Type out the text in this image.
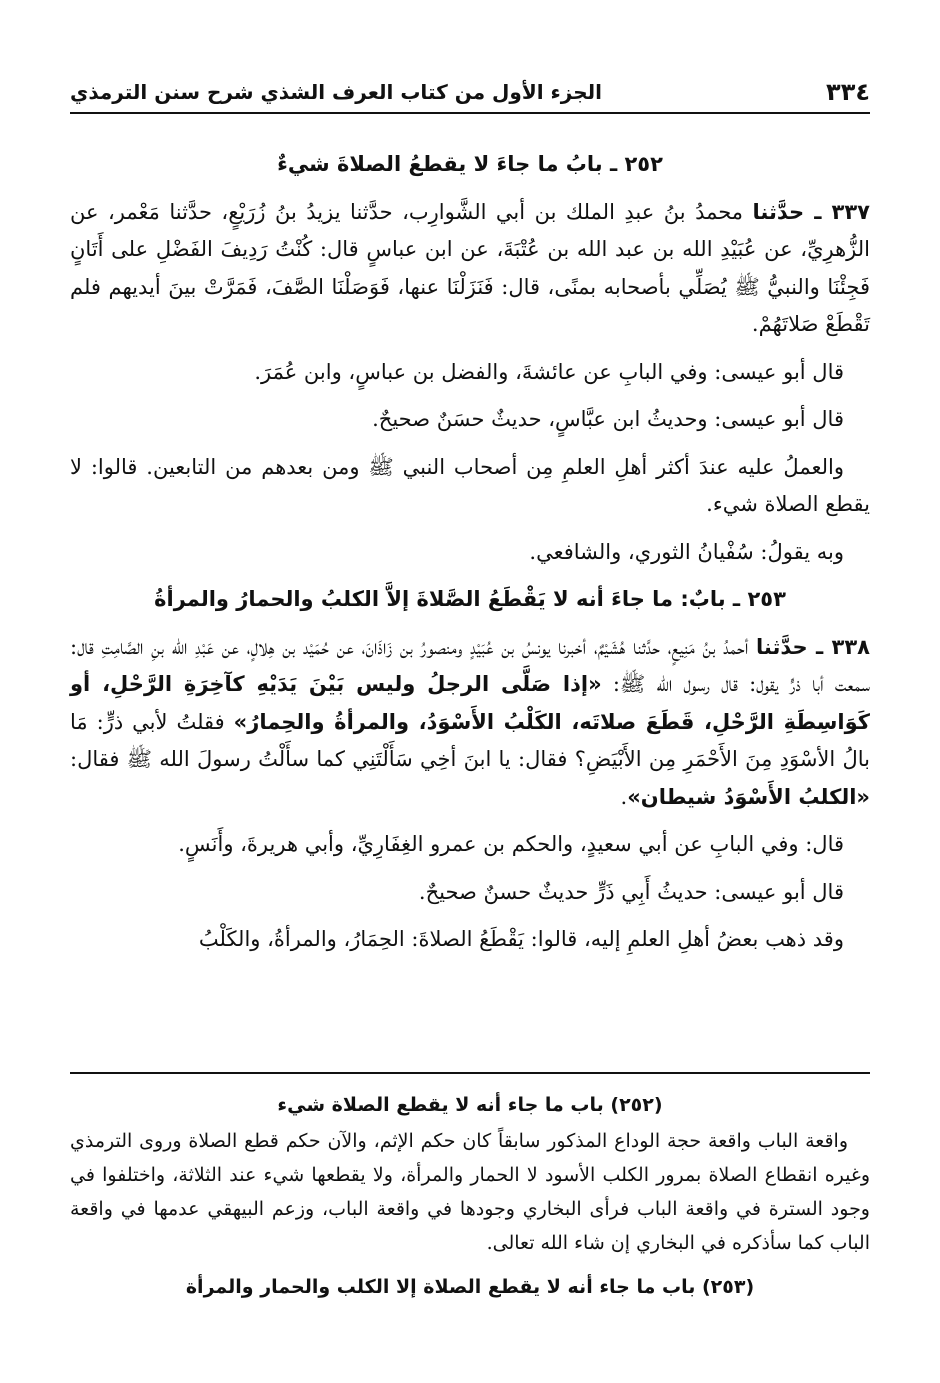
٣٣٤
الجزء الأول من كتاب العرف الشذي شرح سنن الترمذي
٢٥٢ ـ بابُ ما جاءَ لا يقطعُ الصلاةَ شيءٌ

٣٣٧ ـ حدَّثنا محمدُ بنُ عبدِ الملك بن أبي الشَّوارِب، حدَّثنا يزيدُ بنُ زُرَيْعٍ، حدَّثنا مَعْمر، عن الزُّهرِيِّ، عن عُبَيْدِ الله بن عبد الله بن عُتْبَةَ، عن ابن عباسٍ قال: كُنْتُ رَدِيفَ الفَضْلِ على أَتَانٍ فَجِئْنَا والنبيُّ ﷺ يُصَلِّي بأصحابه بمنًى، قال: فَنَزَلْنَا عنها، فَوَصَلْنَا الصَّفَ، فَمَرَّتْ بينَ أيديهم فلم تَقْطَعْ صَلاتَهُمْ.

قال أبو عيسى: وفي البابِ عن عائشةَ، والفضل بن عباسٍ، وابن عُمَرَ.

قال أبو عيسى: وحديثُ ابن عبَّاسٍ، حديثٌ حسَنٌ صحيحٌ.

والعملُ عليه عندَ أكثر أهلِ العلمِ مِن أصحاب النبي ﷺ ومن بعدهم من التابعين. قالوا: لا يقطع الصلاة شيء.

وبه يقولُ: سُفْيانُ الثوري، والشافعي.

٢٥٣ ـ بابٌ: ما جاءَ أنه لا يَقْطَعُ الصَّلاةَ إلاَّ الكلبُ والحمارُ والمرأةُ

٣٣٨ ـ حدَّثنا أحمدُ بنُ مَنِيعٍ، حدَّثنا هُشَيْمٌ، أخبرنا يونسُ بن عُبَيْدٍ ومنصورُ بن زَاذَانَ، عن حُمَيْد بن هِلالٍ، عن عَبْدِ الله بنِ الصَّامِتِ قال: سمعت أبا ذرٍّ يقول: قال رسول الله ﷺ: «إذا صَلَّى الرجلُ وليس بَيْنَ يَدَيْهِ كآخِرَةِ الرَّحْلِ، أو كَوَاسِطَةِ الرَّحْلِ، قَطَعَ صلاتَه، الكَلْبُ الأَسْوَدُ، والمرأةُ والحِمارُ» فقلتُ لأبي ذرٍّ: مَا بالُ الأسْوَدِ مِنَ الأَحْمَرِ مِن الأَبْيَضِ؟ فقال: يا ابنَ أخِي سَأَلْتَنِي كما سأَلْتُ رسولَ الله ﷺ فقال: «الكلبُ الأَسْوَدُ شيطان».

قال: وفي البابِ عن أبي سعيدٍ، والحكم بن عمرو الغِفَارِيِّ، وأبي هريرةَ، وأَنَسٍ.

قال أبو عيسى: حديثُ أَبِي ذَرٍّ حديثٌ حسنٌ صحيحٌ.

وقد ذهب بعضُ أهلِ العلمِ إليه، قالوا: يَقْطَعُ الصلاةَ: الحِمَارُ، والمرأةُ، والكَلْبُ

(٢٥٢) باب ما جاء أنه لا يقطع الصلاة شيء

واقعة الباب واقعة حجة الوداع المذكور سابقاً كان حكم الإثم، والآن حكم قطع الصلاة وروى الترمذي وغيره انقطاع الصلاة بمرور الكلب الأسود لا الحمار والمرأة، ولا يقطعها شيء عند الثلاثة، واختلفوا في وجود السترة في واقعة الباب فرأى البخاري وجودها في واقعة الباب، وزعم البيهقي عدمها في واقعة الباب كما سأذكره في البخاري إن شاء الله تعالى.

(٢٥٣) باب ما جاء أنه لا يقطع الصلاة إلا الكلب والحمار والمرأة
